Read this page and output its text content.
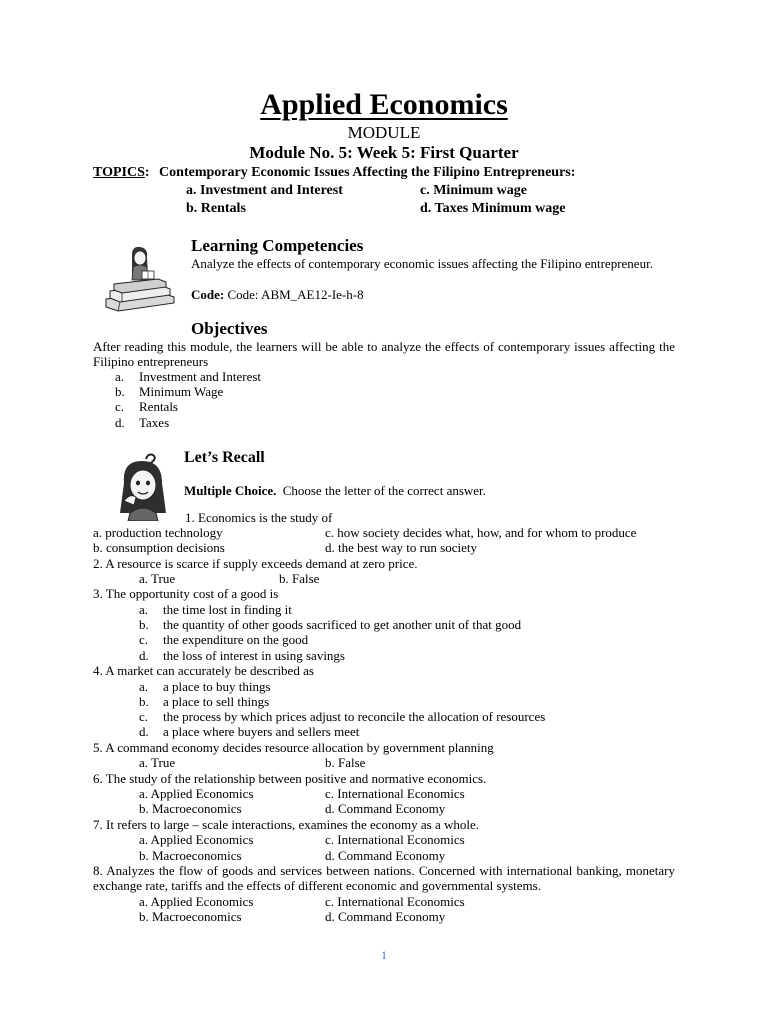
Applied Economics
MODULE
Module No. 5: Week 5: First Quarter
TOPICS: Contemporary Economic Issues Affecting the Filipino Entrepreneurs:
a. Investment and Interest	c. Minimum wage
b. Rentals	d. Taxes Minimum wage
Learning Competencies
Analyze the effects of contemporary economic issues affecting the Filipino entrepreneur.
Code: Code: ABM_AE12-Ie-h-8
Objectives
After reading this module, the learners will be able to analyze the effects of contemporary issues affecting the Filipino entrepreneurs
a. Investment and Interest
b. Minimum Wage
c. Rentals
d. Taxes
Let’s Recall
Multiple Choice. Choose the letter of the correct answer.
1. Economics is the study of
a. production technology	c. how society decides what, how, and for whom to produce
b. consumption decisions	d. the best way to run society
2. A resource is scarce if supply exceeds demand at zero price.
a. True	b. False
3. The opportunity cost of a good is
a. the time lost in finding it
b. the quantity of other goods sacrificed to get another unit of that good
c. the expenditure on the good
d. the loss of interest in using savings
4. A market can accurately be described as
a. a place to buy things
b. a place to sell things
c. the process by which prices adjust to reconcile the allocation of resources
d. a place where buyers and sellers meet
5. A command economy decides resource allocation by government planning
a. True	b. False
6. The study of the relationship between positive and normative economics.
a. Applied Economics	c. International Economics
b. Macroeconomics	d. Command Economy
7. It refers to large – scale interactions, examines the economy as a whole.
a. Applied Economics	c. International Economics
b. Macroeconomics	d. Command Economy
8. Analyzes the flow of goods and services between nations. Concerned with international banking, monetary exchange rate, tariffs and the effects of different economic and governmental systems.
a. Applied Economics	c. International Economics
b. Macroeconomics	d. Command Economy
1
